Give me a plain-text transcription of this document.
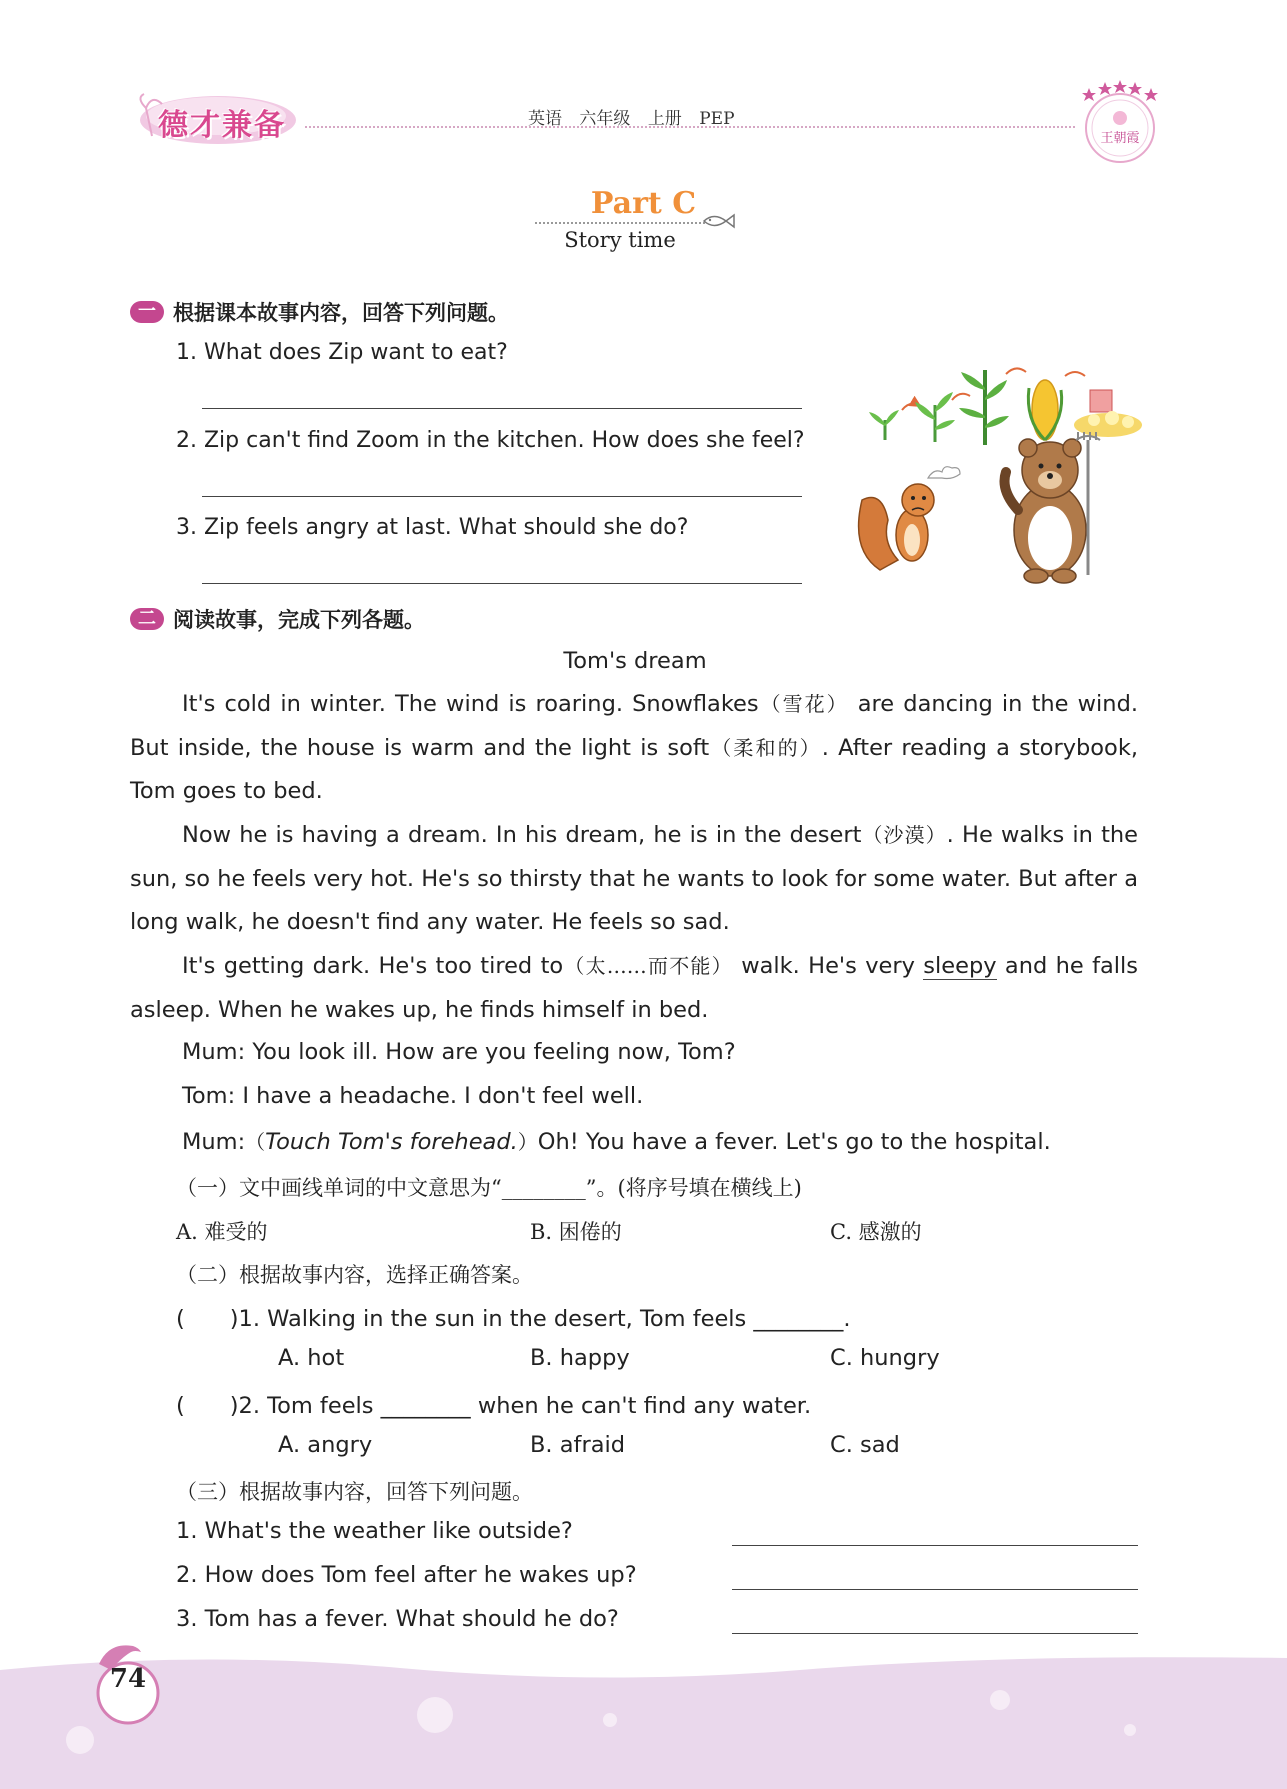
德才兼备	英语 六年级 上册 PEP
王朝霞
Part C
Story time
一 根据课本故事内容，回答下列问题。
1. What does Zip want to eat?
2. Zip can't find Zoom in the kitchen. How does she feel?
3. Zip feels angry at last. What should she do?
二 阅读故事，完成下列各题。
Tom's dream
It's cold in winter. The wind is roaring. Snowflakes（雪花） are dancing in the wind. But inside, the house is warm and the light is soft（柔和的）. After reading a storybook, Tom goes to bed.
Now he is having a dream. In his dream, he is in the desert（沙漠）. He walks in the sun, so he feels very hot. He's so thirsty that he wants to look for some water. But after a long walk, he doesn't find any water. He feels so sad.
It's getting dark. He's too tired to（太……而不能） walk. He's very sleepy and he falls asleep. When he wakes up, he finds himself in bed.
Mum: You look ill. How are you feeling now, Tom?
Tom: I have a headache. I don't feel well.
Mum:（Touch Tom's forehead.）Oh! You have a fever. Let's go to the hospital.
（一）文中画线单词的中文意思为“________”。(将序号填在横线上)
A. 难受的	B. 困倦的	C. 感激的
（二）根据故事内容，选择正确答案。
(　　)1. Walking in the sun in the desert, Tom feels ________.
A. hot	B. happy	C. hungry
(　　)2. Tom feels ________ when he can't find any water.
A. angry	B. afraid	C. sad
（三）根据故事内容，回答下列问题。
1. What's the weather like outside?
2. How does Tom feel after he wakes up?
3. Tom has a fever. What should he do?
74
